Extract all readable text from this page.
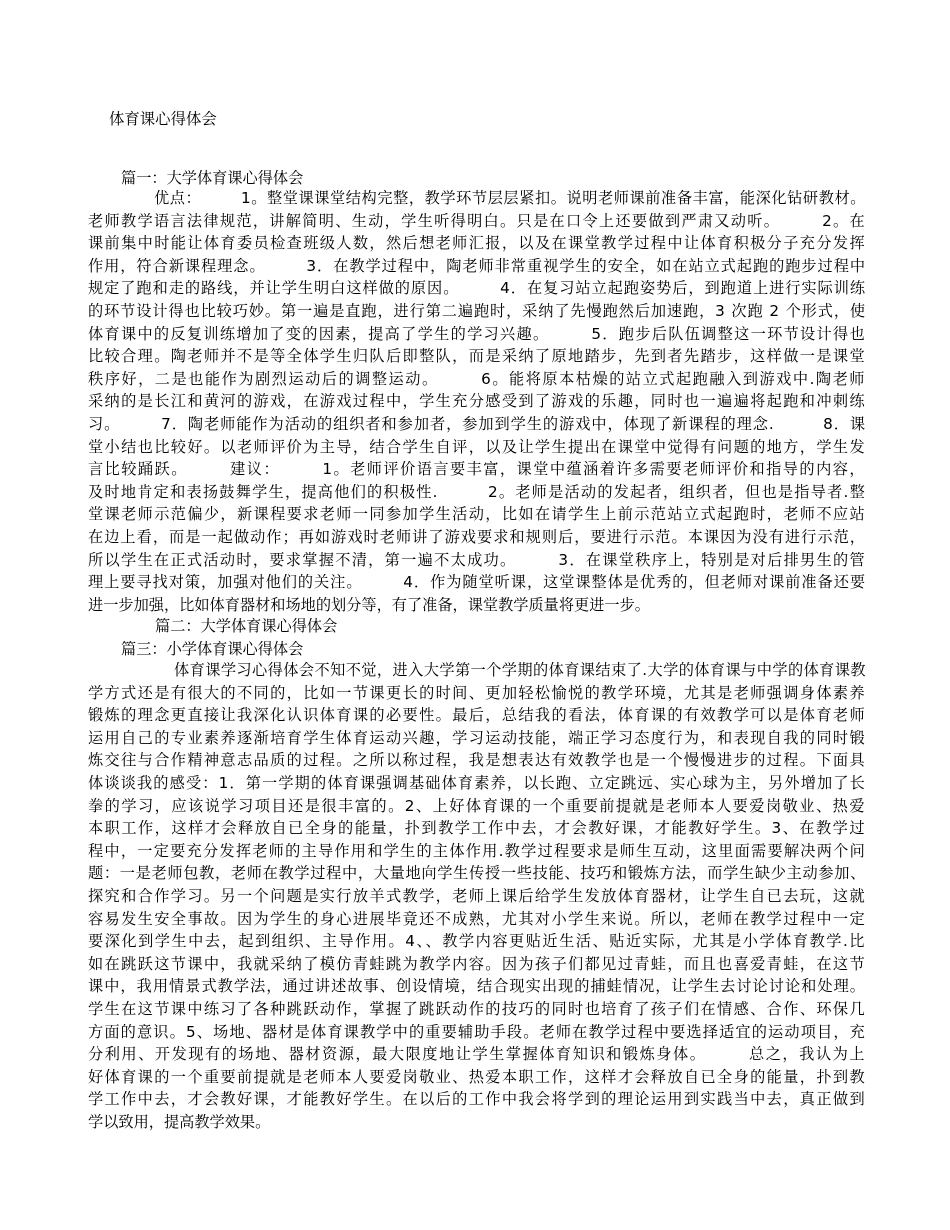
体育课心得体会
篇一：大学体育课心得体会
优点：　　　1。整堂课课堂结构完整，教学环节层层紧扣。说明老师课前准备丰富，能深化钻研教材。
老师教学语言法律规范，讲解简明、生动，学生听得明白。只是在口令上还要做到严肃又动听。　　　2。在
课前集中时能让体育委员检查班级人数，然后想老师汇报，以及在课堂教学过程中让体育积极分子充分发挥
作用，符合新课程理念。　　　3．在教学过程中，陶老师非常重视学生的安全，如在站立式起跑的跑步过程中
规定了跑和走的路线，并让学生明白这样做的原因。　　　4．在复习站立起跑姿势后，到跑道上进行实际训练
的环节设计得也比较巧妙。第一遍是直跑，进行第二遍跑时，采纳了先慢跑然后加速跑，3 次跑 2 个形式，使
体育课中的反复训练增加了变的因素，提高了学生的学习兴趣。　　　5．跑步后队伍调整这一环节设计得也
比较合理。陶老师并不是等全体学生归队后即整队，而是采纳了原地踏步，先到者先踏步，这样做一是课堂
秩序好，二是也能作为剧烈运动后的调整运动。　　　6。能将原本枯燥的站立式起跑融入到游戏中.陶老师
采纳的是长江和黄河的游戏，在游戏过程中，学生充分感受到了游戏的乐趣，同时也一遍遍将起跑和冲刺练
习。　　　7．陶老师能作为活动的组织者和参加者，参加到学生的游戏中，体现了新课程的理念.　　　8．课
堂小结也比较好。以老师评价为主导，结合学生自评，以及让学生提出在课堂中觉得有问题的地方，学生发
言比较踊跃。　　　建议：　　　1。老师评价语言要丰富，课堂中蕴涵着许多需要老师评价和指导的内容，
及时地肯定和表扬鼓舞学生，提高他们的积极性.　　　2。老师是活动的发起者，组织者，但也是指导者.整
堂课老师示范偏少，新课程要求老师一同参加学生活动，比如在请学生上前示范站立式起跑时，老师不应站
在边上看，而是一起做动作；再如游戏时老师讲了游戏要求和规则后，要进行示范。本课因为没有进行示范，
所以学生在正式活动时，要求掌握不清，第一遍不太成功。　　　3．在课堂秩序上，特别是对后排男生的管
理上要寻找对策，加强对他们的关注。　　　4．作为随堂听课，这堂课整体是优秀的，但老师对课前准备还要
进一步加强，比如体育器材和场地的划分等，有了准备，课堂教学质量将更进一步。
篇二：大学体育课心得体会
篇三：小学体育课心得体会
体育课学习心得体会不知不觉，进入大学第一个学期的体育课结束了.大学的体育课与中学的体育课教
学方式还是有很大的不同的，比如一节课更长的时间、更加轻松愉悦的教学环境，尤其是老师强调身体素养
锻炼的理念更直接让我深化认识体育课的必要性。最后，总结我的看法，体育课的有效教学可以是体育老师
运用自己的专业素养逐渐培育学生体育运动兴趣，学习运动技能，端正学习态度行为，和表现自我的同时锻
炼交往与合作精神意志品质的过程。之所以称过程，我是想表达有效教学也是一个慢慢进步的过程。下面具
体谈谈我的感受：1．第一学期的体育课强调基础体育素养，以长跑、立定跳远、实心球为主，另外增加了长
拳的学习，应该说学习项目还是很丰富的。2、上好体育课的一个重要前提就是老师本人要爱岗敬业、热爱
本职工作，这样才会释放自已全身的能量，扑到教学工作中去，才会教好课，才能教好学生。3、在教学过
程中，一定要充分发挥老师的主导作用和学生的主体作用.教学过程要求是师生互动，这里面需要解决两个问
题：一是老师包教，老师在教学过程中，大量地向学生传授一些技能、技巧和锻炼方法，而学生缺少主动参加、
探究和合作学习。另一个问题是实行放羊式教学，老师上课后给学生发放体育器材，让学生自已去玩，这就
容易发生安全事故。因为学生的身心进展毕竟还不成熟，尤其对小学生来说。所以，老师在教学过程中一定
要深化到学生中去，起到组织、主导作用。4、、教学内容更贴近生活、贴近实际，尤其是小学体育教学.比
如在跳跃这节课中，我就采纳了模仿青蛙跳为教学内容。因为孩子们都见过青蛙，而且也喜爱青蛙，在这节
课中，我用情景式教学法，通过讲述故事、创设情境，结合现实出现的捕蛙情况，让学生去讨论讨论和处理。
学生在这节课中练习了各种跳跃动作，掌握了跳跃动作的技巧的同时也培育了孩子们在情感、合作、环保几
方面的意识。5、场地、器材是体育课教学中的重要辅助手段。老师在教学过程中要选择适宜的运动项目，充
分利用、开发现有的场地、器材资源，最大限度地让学生掌握体育知识和锻炼身体。　　　总之，我认为上
好体育课的一个重要前提就是老师本人要爱岗敬业、热爱本职工作，这样才会释放自已全身的能量，扑到教
学工作中去，才会教好课，才能教好学生。在以后的工作中我会将学到的理论运用到实践当中去，真正做到
学以致用，提高教学效果。
